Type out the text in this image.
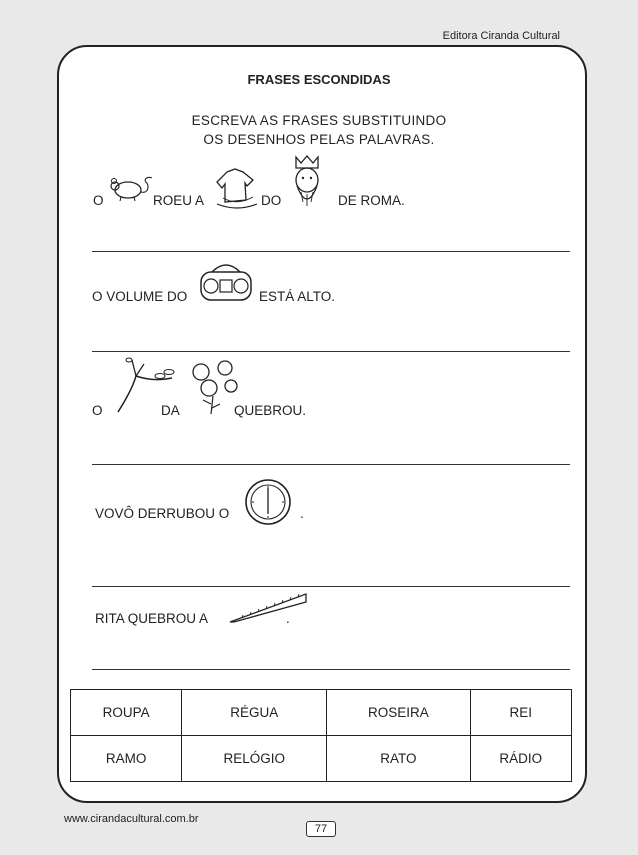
Editora Ciranda Cultural
FRASES ESCONDIDAS
ESCREVA AS FRASES SUBSTITUINDO
OS DESENHOS PELAS PALAVRAS.
O	ROEU A	DO	DE ROMA.
O VOLUME DO	ESTÁ ALTO.
O	DA	QUEBROU.
VOVÔ DERRUBOU O	.
RITA QUEBROU A	.
ROUPA	RÉGUA	ROSEIRA	REI
RAMO	RELÓGIO	RATO	RÁDIO
www.cirandacultural.com.br
77
